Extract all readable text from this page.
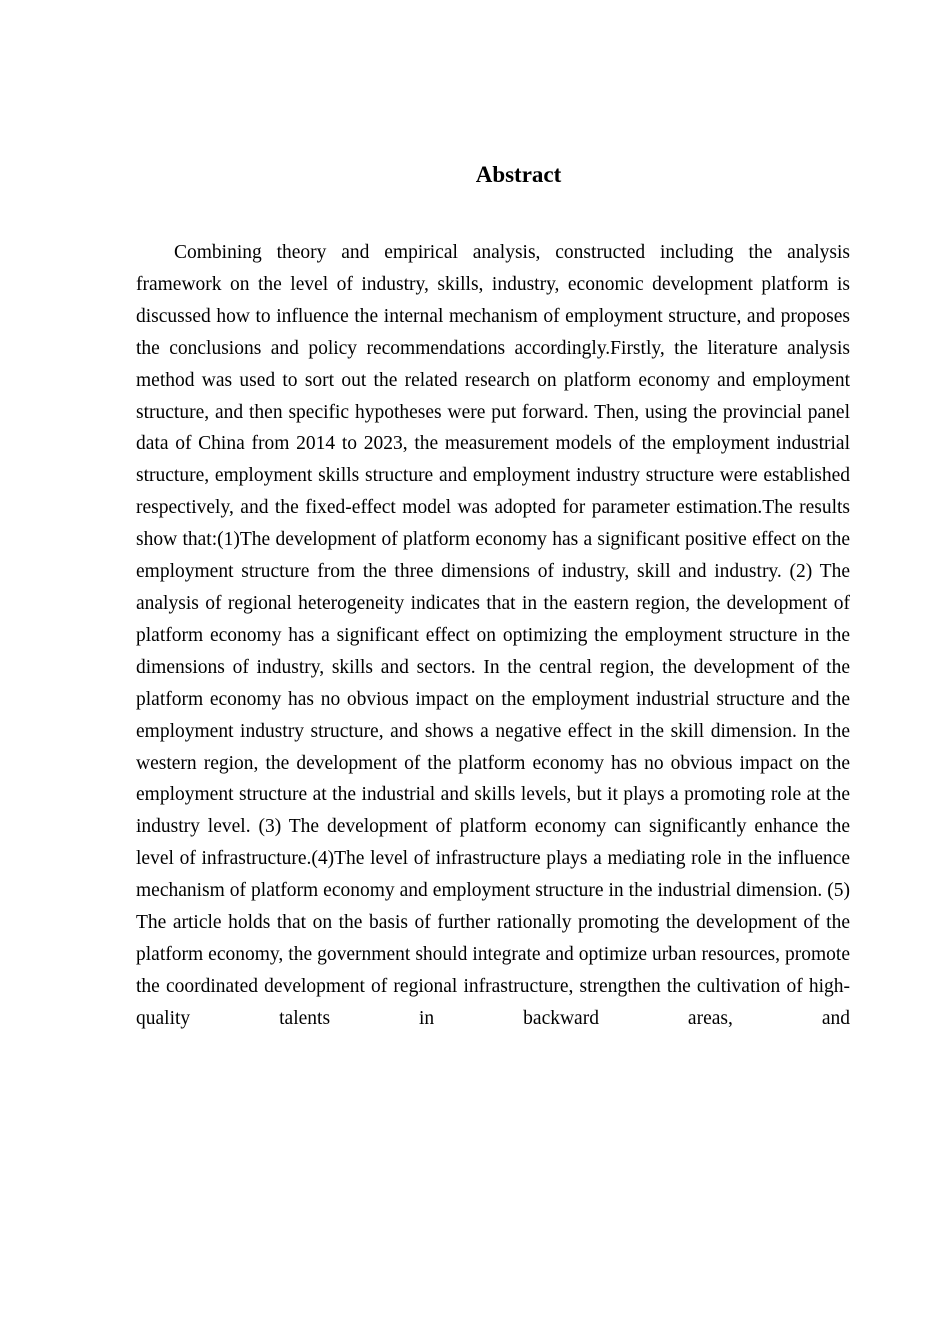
Abstract

Combining theory and empirical analysis, constructed including the analysis framework on the level of industry, skills, industry, economic development platform is discussed how to influence the internal mechanism of employment structure, and proposes the conclusions and policy recommendations accordingly.Firstly, the literature analysis method was used to sort out the related research on platform economy and employment structure, and then specific hypotheses were put forward. Then, using the provincial panel data of China from 2014 to 2023, the measurement models of the employment industrial structure, employment skills structure and employment industry structure were established respectively, and the fixed-effect model was adopted for parameter estimation.The results show that:(1)The development of platform economy has a significant positive effect on the employment structure from the three dimensions of industry, skill and industry. (2) The analysis of regional heterogeneity indicates that in the eastern region, the development of platform economy has a significant effect on optimizing the employment structure in the dimensions of industry, skills and sectors. In the central region, the development of the platform economy has no obvious impact on the employment industrial structure and the employment industry structure, and shows a negative effect in the skill dimension. In the western region, the development of the platform economy has no obvious impact on the employment structure at the industrial and skills levels, but it plays a promoting role at the industry level. (3) The development of platform economy can significantly enhance the level of infrastructure.(4)The level of infrastructure plays a mediating role in the influence mechanism of platform economy and employment structure in the industrial dimension. (5) The article holds that on the basis of further rationally promoting the development of the platform economy, the government should integrate and optimize urban resources, promote the coordinated development of regional infrastructure, strengthen the cultivation of high-quality talents in backward areas, and
